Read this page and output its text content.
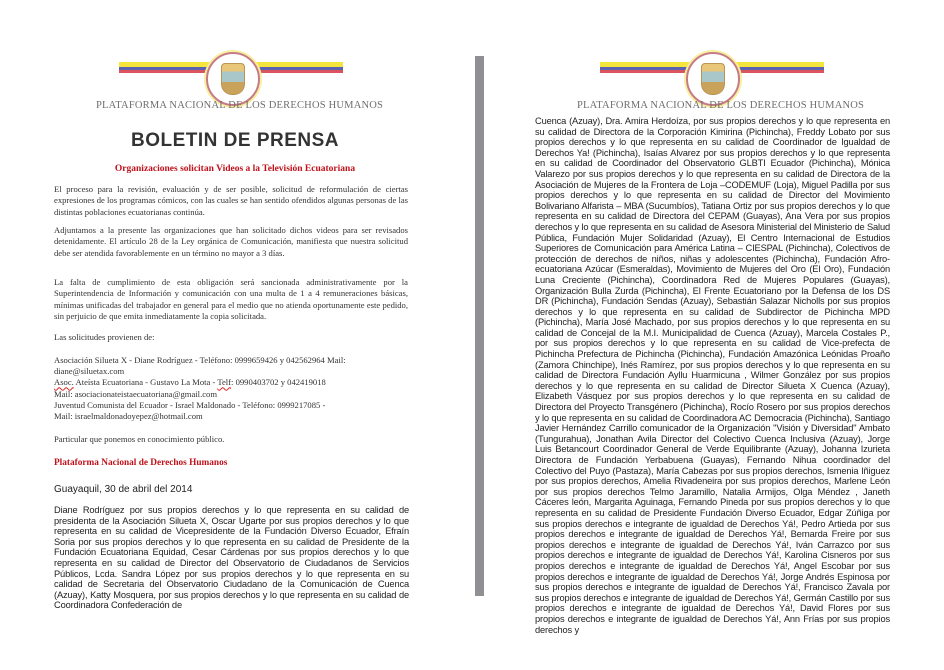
PLATAFORMA NACIONAL DE LOS DERECHOS HUMANOS
BOLETIN DE PRENSA
Organizaciones solicitan Videos a la Televisión Ecuatoriana

El proceso para la revisión, evaluación y de ser posible, solicitud de reformulación de ciertas expresiones de los programas cómicos, con las cuales se han sentido ofendidos algunas personas de las distintas poblaciones ecuatorianas continúa.

Adjuntamos a la presente las organizaciones que han solicitado dichos videos para ser revisados detenidamente. El artículo 28 de la Ley orgánica de Comunicación, manifiesta que nuestra solicitud debe ser atendida favorablemente en un término no mayor a 3 días.

La falta de cumplimiento de esta obligación será sancionada administrativamente por la Superintendencia de Información y comunicación con una multa de 1 a 4 remuneraciones básicas, mínimas unificadas del trabajador en general para el medio que no atienda oportunamente este pedido, sin perjuicio de que emita inmediatamente la copia solicitada.

Las solicitudes provienen de:
Asociación Silueta X - Diane Rodríguez - Teléfono: 0999659426 y 042562964 Mail:
diane@siluetax.com
Asoc. Ateísta Ecuatoriana - Gustavo La Mota - Telf: 0990403702 y 042419018
Mail: asociacionateistaecuatoriana@gmail.com
Juventud Comunista del Ecuador - Israel Maldonado - Teléfono: 0999217085 -
Mail: israelmaldonadoyepez@hotmail.com
Particular que ponemos en conocimiento público.
Plataforma Nacional de Derechos Humanos
Guayaquil, 30 de abril del 2014

Diane Rodríguez por sus propios derechos y lo que representa en su calidad de presidenta de la Asociación Silueta X, Oscar Ugarte por sus propios derechos y lo que representa en su calidad de Vicepresidente de la Fundación Diverso Ecuador, Efraín Soria por sus propios derechos y lo que representa en su calidad de Presidente de la Fundación Ecuatoriana Equidad, Cesar Cárdenas por sus propios derechos y lo que representa en su calidad de Director del Observatorio de Ciudadanos de Servicios Públicos, Lcda. Sandra López por sus propios derechos y lo que representa en su calidad de Secretaria del Observatorio Ciudadano de la Comunicación de Cuenca (Azuay), Katty Mosquera, por sus propios derechos y lo que representa en su calidad de Coordinadora Confederación de

PLATAFORMA NACIONAL DE LOS DERECHOS HUMANOS

Cuenca (Azuay), Dra. Amira Herdoíza, por sus propios derechos y lo que representa en su calidad de Directora de la Corporación Kimirina (Pichincha), Freddy Lobato por sus propios derechos y lo que representa en su calidad de Coordinador de Igualdad de Derechos Ya! (Pichincha), Isaías Alvarez por sus propios derechos y lo que representa en su calidad de Coordinador del Observatorio GLBTI Ecuador (Pichincha), Mónica Valarezo por sus propios derechos y lo que representa en su calidad de Directora de la Asociación de Mujeres de la Frontera de Loja –CODEMUF (Loja), Miguel Padilla por sus propios derechos y lo que representa en su calidad de Director del Movimiento Bolivariano Alfarista – MBA (Sucumbíos), Tatiana Ortiz por sus propios derechos y lo que representa en su calidad de Directora del CEPAM (Guayas), Ana Vera por sus propios derechos y lo que representa en su calidad de Asesora Ministerial del Ministerio de Salud Pública, Fundación Mujer Solidaridad (Azuay), El Centro Internacional de Estudios Superiores de Comunicación para América Latina – CIESPAL (Pichincha), Colectivos de protección de derechos de niños, niñas y adolescentes (Pichincha), Fundación Afro-ecuatoriana Azúcar (Esmeraldas), Movimiento de Mujeres del Oro (El Oro), Fundación Luna Creciente (Pichincha), Coordinadora Red de Mujeres Populares (Guayas), Organización Bulla Zurda (Pichincha), El Frente Ecuatoriano por la Defensa de los DS DR (Pichincha), Fundación Sendas (Azuay), Sebastián Salazar Nicholls por sus propios derechos y lo que representa en su calidad de Subdirector de Pichincha MPD (Pichincha), María José Machado, por sus propios derechos y lo que representa en su calidad de Concejal de la M.I. Municipalidad de Cuenca (Azuay), Marcela Costales P., por sus propios derechos y lo que representa en su calidad de Vice-prefecta de Pichincha Prefectura de Pichincha (Pichincha), Fundación Amazónica Leónidas Proaño (Zamora Chinchipe), Inés Ramírez, por sus propios derechos y lo que representa en su calidad de Directora Fundación Ayllu Huarmicuna , Wilmer González por sus propios derechos y lo que representa en su calidad de Director Silueta X Cuenca (Azuay), Elizabeth Vásquez por sus propios derechos y lo que representa en su calidad de Directora del Proyecto Transgénero (Pichincha), Rocío Rosero por sus propios derechos y lo que representa en su calidad de Coordinadora AC Democracia (Pichincha), Santiago Javier Hernández Carrillo comunicador de la Organización "Visión y Diversidad" Ambato (Tungurahua), Jonathan Avila Director del Colectivo Cuenca Inclusiva (Azuay), Jorge Luis Betancourt Coordinador General de Verde Equilibrante (Azuay), Johanna Izurieta Directora de Fundación Yerbabuena (Guayas), Fernando Nihua coordinador del Colectivo del Puyo (Pastaza), María Cabezas por sus propios derechos, Ismenia Iñiguez por sus propios derechos, Amelia Rivadeneira por sus propios derechos, Marlene León por sus propios derechos Telmo Jaramillo, Natalia Armijos, Olga Méndez , Janeth Cáceres león, Margarita Aguinaga, Fernando Pineda por sus propios derechos y lo que representa en su calidad de Presidente Fundación Diverso Ecuador, Edgar Zúñiga por sus propios derechos e integrante de igualdad de Derechos Yá!, Pedro Artieda por sus propios derechos e integrante de igualdad de Derechos Yá!, Bernarda Freire por sus propios derechos e integrante de igualdad de Derechos Yá!, Iván Carrazco por sus propios derechos e integrante de igualdad de Derechos Yá!, Karolina Cisneros por sus propios derechos e integrante de igualdad de Derechos Yá!, Angel Escobar por sus propios derechos e integrante de igualdad de Derechos Yá!, Jorge Andrés Espinosa por sus propios derechos e integrante de igualdad de Derechos Yá!, Francisco Zavala por sus propios derechos e integrante de igualdad de Derechos Yá!, Germán Castillo por sus propios derechos e integrante de igualdad de Derechos Yá!, David Flores por sus propios derechos e integrante de igualdad de Derechos Yá!, Ann Frías por sus propios derechos y
